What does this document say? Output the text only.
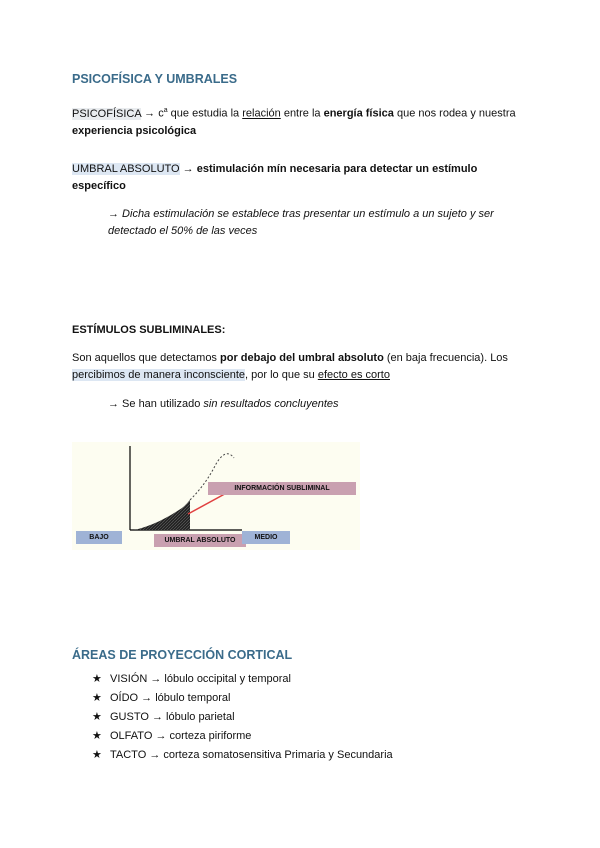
PSICOFÍSICA Y UMBRALES
PSICOFÍSICA → $c^a$ que estudia la relación entre la energía física que nos rodea y nuestra
experiencia psicológica
UMBRAL ABSOLUTO → estimulación mín necesaria para detectar un estímulo específico
→ Dicha estimulación se establece tras presentar un estímulo a un sujeto y ser detectado el 50% de las veces
ESTÍMULOS SUBLIMINALES:
Son aquellos que detectamos por debajo del umbral absoluto (en baja frecuencia). Los
percibimos de manera inconsciente, por lo que su efecto es corto
→ Se han utilizado sin resultados concluyentes
INFORMACIÓN SUBLIMINAL
BAJO	UMBRAL ABSOLUTO	MEDIO
ÁREAS DE PROYECCIÓN CORTICAL
★ VISIÓN → lóbulo occipital y temporal
★ OÍDO → lóbulo temporal
★ GUSTO → lóbulo parietal
★ OLFATO → corteza piriforme
★ TACTO → corteza somatosensitiva Primaria y Secundaria
